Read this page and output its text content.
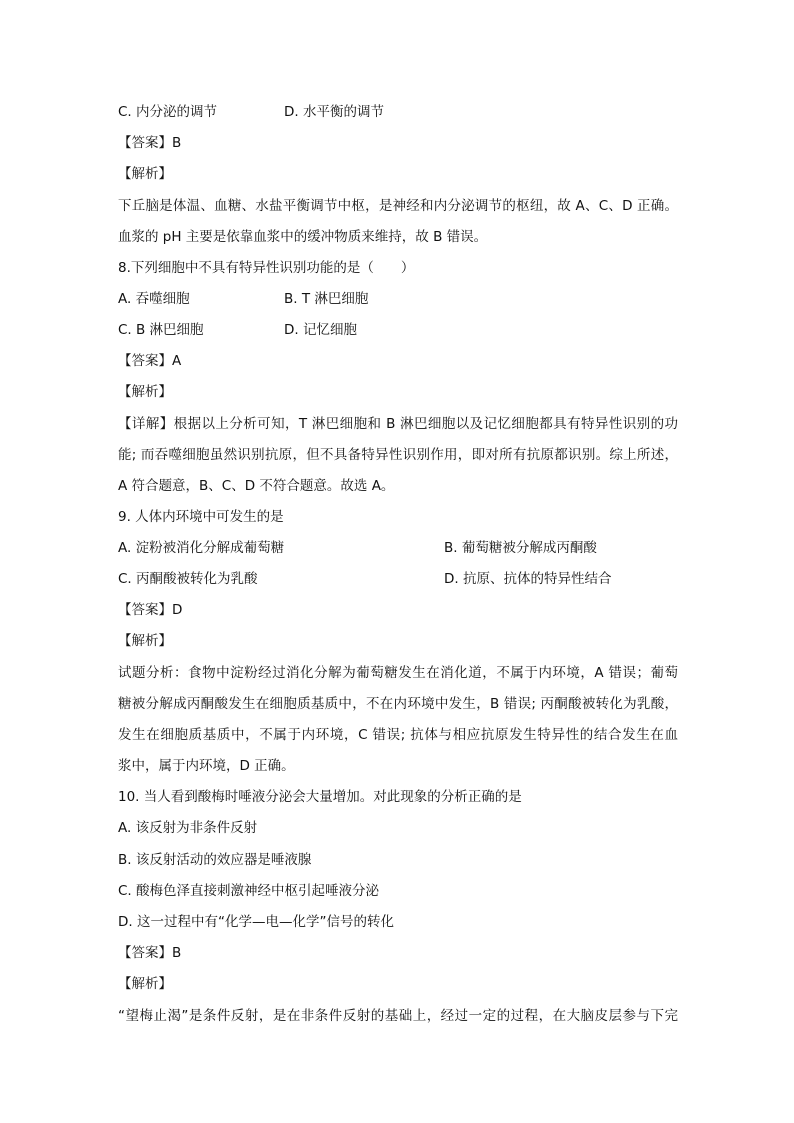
C. 内分泌的调节	D. 水平衡的调节
【答案】B
【解析】
下丘脑是体温、血糖、水盐平衡调节中枢，是神经和内分泌调节的枢纽，故 A、C、D 正确。
血浆的 pH 主要是依靠血浆中的缓冲物质来维持，故 B 错误。
8.下列细胞中不具有特异性识别功能的是（　　）
A. 吞噬细胞	B. T 淋巴细胞
C. B 淋巴细胞	D. 记忆细胞
【答案】A
【解析】
【详解】根据以上分析可知，T 淋巴细胞和 B 淋巴细胞以及记忆细胞都具有特异性识别的功
能; 而吞噬细胞虽然识别抗原，但不具备特异性识别作用，即对所有抗原都识别。综上所述，
A 符合题意，B、C、D 不符合题意。故选 A。
9. 人体内环境中可发生的是
A. 淀粉被消化分解成葡萄糖	B. 葡萄糖被分解成丙酮酸
C. 丙酮酸被转化为乳酸	D. 抗原、抗体的特异性结合
【答案】D
【解析】
试题分析：食物中淀粉经过消化分解为葡萄糖发生在消化道，不属于内环境，A 错误；葡萄
糖被分解成丙酮酸发生在细胞质基质中，不在内环境中发生，B 错误; 丙酮酸被转化为乳酸，
发生在细胞质基质中，不属于内环境，C 错误; 抗体与相应抗原发生特异性的结合发生在血
浆中，属于内环境，D 正确。
10. 当人看到酸梅时唾液分泌会大量增加。对此现象的分析正确的是
A. 该反射为非条件反射
B. 该反射活动的效应器是唾液腺
C. 酸梅色泽直接刺激神经中枢引起唾液分泌
D. 这一过程中有“化学—电—化学”信号的转化
【答案】B
【解析】
“望梅止渴”是条件反射，是在非条件反射的基础上，经过一定的过程，在大脑皮层参与下完
